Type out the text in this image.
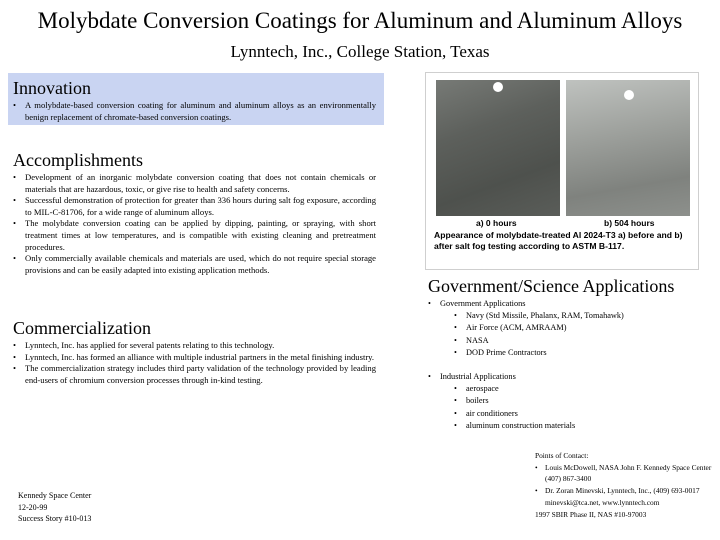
Molybdate Conversion Coatings for Aluminum and Aluminum Alloys
Lynntech, Inc., College Station, Texas
Innovation
• A molybdate-based conversion coating for aluminum and aluminum alloys as an environmentally benign replacement of chromate-based conversion coatings.
Accomplishments
• Development of an inorganic molybdate conversion coating that does not contain chemicals or materials that are hazardous, toxic, or give rise to health and safety concerns.
• Successful demonstration of protection for greater than 336 hours during salt fog exposure, according to MIL-C-81706, for a wide range of aluminum alloys.
• The molybdate conversion coating can be applied by dipping, painting, or spraying, with short treatment times at low temperatures, and is compatible with existing cleaning and pretreatment procedures.
• Only commercially available chemicals and materials are used, which do not require special storage provisions and can be easily adapted into existing application methods.
Commercialization
• Lynntech, Inc. has applied for several patents relating to this technology.
• Lynntech, Inc. has formed an alliance with multiple industrial partners in the metal finishing industry.
• The commercialization strategy includes third party validation of the technology provided by leading end-users of chromium conversion processes through in-kind testing.
Kennedy Space Center
12-20-99
Success Story #10-013
a) 0 hours	b) 504 hours
Appearance of molybdate-treated Al 2024-T3 a) before and b) after salt fog testing according to ASTM B-117.
Government/Science Applications
• Government Applications
• Navy (Std Missile, Phalanx, RAM, Tomahawk)
• Air Force (ACM, AMRAAM)
• NASA
• DOD Prime Contractors
• Industrial Applications
• aerospace
• boilers
• air conditioners
• aluminum construction materials
Points of Contact:
• Louis McDowell, NASA John F. Kennedy Space Center (407) 867-3400
• Dr. Zoran Minevski, Lynntech, Inc., (409) 693-0017 minevski@tca.net, www.lynntech.com
1997 SBIR Phase II, NAS #10-97003
